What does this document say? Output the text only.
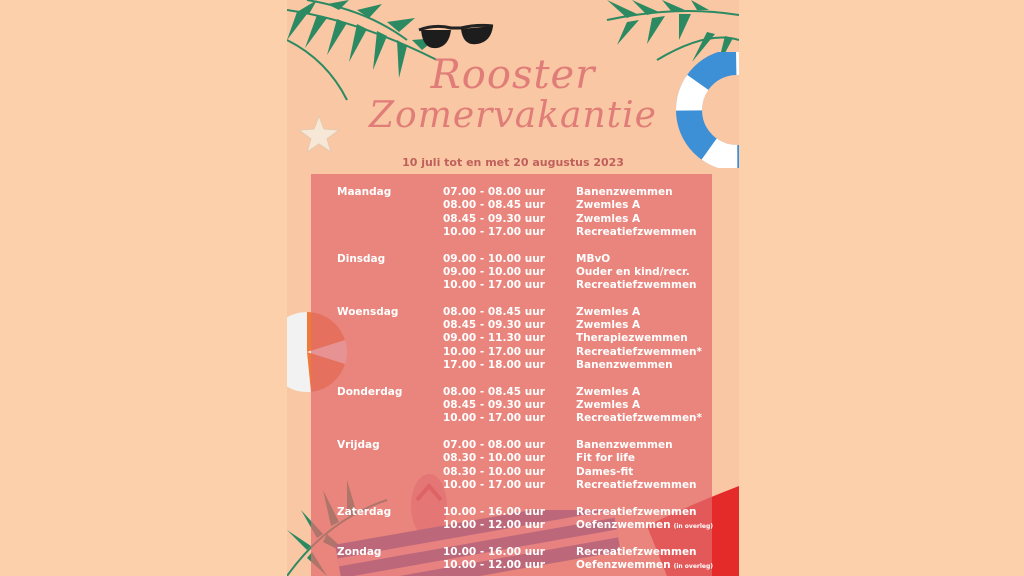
Rooster
Zomervakantie
10 juli tot en met 20 augustus 2023
Maandag	07.00 - 08.00 uur	Banenzwemmen
08.00 - 08.45 uur	Zwemles A
08.45 - 09.30 uur	Zwemles A
10.00 - 17.00 uur	Recreatiefzwemmen
Dinsdag	09.00 - 10.00 uur	MBvO
09.00 - 10.00 uur	Ouder en kind/recr.
10.00 - 17.00 uur	Recreatiefzwemmen
Woensdag	08.00 - 08.45 uur	Zwemles A
08.45 - 09.30 uur	Zwemles A
09.00 - 11.30 uur	Therapiezwemmen
10.00 - 17.00 uur	Recreatiefzwemmen*
17.00 - 18.00 uur	Banenzwemmen
Donderdag	08.00 - 08.45 uur	Zwemles A
08.45 - 09.30 uur	Zwemles A
10.00 - 17.00 uur	Recreatiefzwemmen*
Vrijdag	07.00 - 08.00 uur	Banenzwemmen
08.30 - 10.00 uur	Fit for life
08.30 - 10.00 uur	Dames-fit
10.00 - 17.00 uur	Recreatiefzwemmen
Zaterdag	10.00 - 16.00 uur	Recreatiefzwemmen
10.00 - 12.00 uur	Oefenzwemmen (in overleg)
Zondag	10.00 - 16.00 uur	Recreatiefzwemmen
10.00 - 12.00 uur	Oefenzwemmen (in overleg)
